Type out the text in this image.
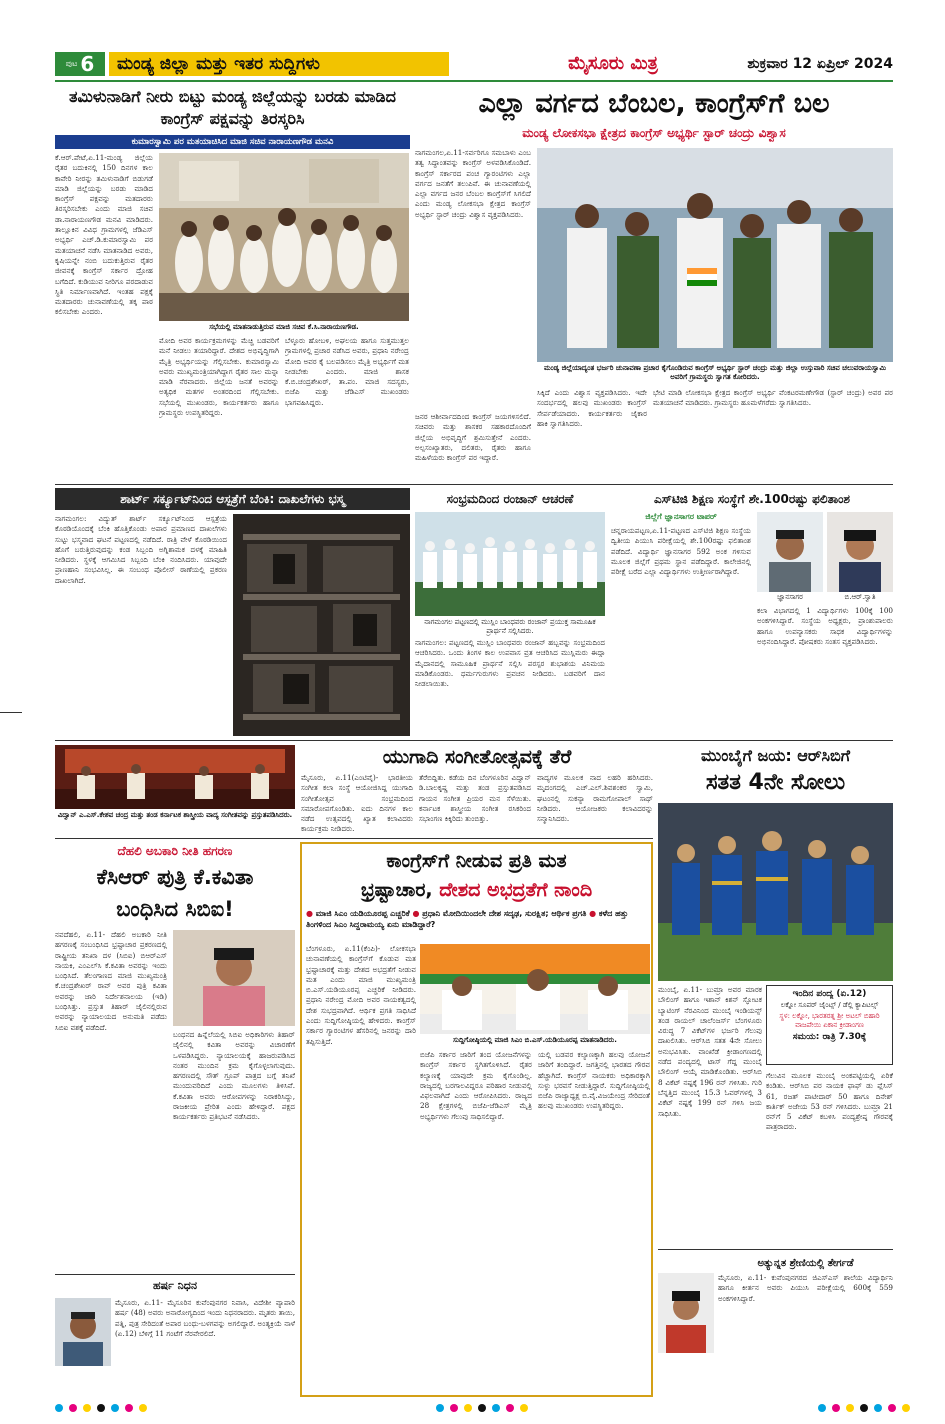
ಪುಟ 6	ಮಂಡ್ಯ ಜಿಲ್ಲಾ ಮತ್ತು ಇತರ ಸುದ್ದಿಗಳು	ಮೈಸೂರು ಮಿತ್ರ	ಶುಕ್ರವಾರ 12 ಏಪ್ರಿಲ್ 2024
ತಮಿಳುನಾಡಿಗೆ ನೀರು ಬಿಟ್ಟು ಮಂಡ್ಯ ಜಿಲ್ಲೆಯನ್ನು ಬರಡು ಮಾಡಿದ ಕಾಂಗ್ರೆಸ್ ಪಕ್ಷವನ್ನು ತಿರಸ್ಕರಿಸಿ
ಕುಮಾರಸ್ವಾಮಿ ಪರ ಮತಯಾಚಿಸಿದ ಮಾಜಿ ಸಚಿವ ನಾರಾಯಣಗೌಡ ಮನವಿ
ಕೆ.ಆರ್.ಪೇಟೆ,ಏ.11-ಮಂಡ್ಯ ಜಿಲ್ಲೆಯ ರೈತರ ಬದುಕಿನಲ್ಲಿ 150 ದಿನಗಳ ಕಾಲ ಕಾವೇರಿ ನೀರನ್ನು ತಮಿಳುನಾಡಿಗೆ ಬಿಡುಗಡೆ ಮಾಡಿ ಜಿಲ್ಲೆಯನ್ನು ಬರಡು ಮಾಡಿದ ಕಾಂಗ್ರೆಸ್ ಪಕ್ಷವನ್ನು ಮತದಾರರು ತಿರಸ್ಕರಿಸಬೇಕು ಎಂದು ಮಾಜಿ ಸಚಿವ ಡಾ.ನಾರಾಯಣಗೌಡ ಮನವಿ ಮಾಡಿದರು. ತಾಲ್ಲೂಕಿನ ವಿವಿಧ ಗ್ರಾಮಗಳಲ್ಲಿ ಜೆಡಿಎಸ್ ಅಭ್ಯರ್ಥಿ ಎಚ್.ಡಿ.ಕುಮಾರಸ್ವಾಮಿ ಪರ ಮತಯಾಚನೆ ನಡೆಸಿ ಮಾತನಾಡಿದ ಅವರು, ಕೃಷಿಯನ್ನೇ ನಂಬಿ ಬದುಕುತ್ತಿರುವ ರೈತರ ಜೀವನಕ್ಕೆ ಕಾಂಗ್ರೆಸ್ ಸರ್ಕಾರ ದ್ರೋಹ ಬಗೆದಿದೆ. ಕುಡಿಯುವ ನೀರಿಗೂ ಪರದಾಡುವ ಸ್ಥಿತಿ ನಿರ್ಮಾಣವಾಗಿದೆ. ಇಂತಹ ಪಕ್ಷಕ್ಕೆ ಮತದಾರರು ಚುನಾವಣೆಯಲ್ಲಿ ತಕ್ಕ ಪಾಠ ಕಲಿಸಬೇಕು ಎಂದರು.
ಸಭೆಯಲ್ಲಿ ಮಾತನಾಡುತ್ತಿರುವ ಮಾಜಿ ಸಚಿವ ಕೆ.ಸಿ.ನಾರಾಯಣಗೌಡ.
ಮೋದಿ ಅವರ ಕಾರ್ಯಕ್ರಮಗಳನ್ನು ಮೆಚ್ಚಿ ಬಡವರಿಗೆ ಮನೆ ನೀಡಲು ತಯಾರಿದ್ದಾರೆ. ದೇಶದ ಅಭಿವೃದ್ಧಿಗಾಗಿ ಮೈತ್ರಿ ಅಭ್ಯರ್ಥಿಯನ್ನು ಗೆಲ್ಲಿಸಬೇಕು. ಕುಮಾರಸ್ವಾಮಿ ಅವರು ಮುಖ್ಯಮಂತ್ರಿಯಾಗಿದ್ದಾಗ ರೈತರ ಸಾಲ ಮನ್ನಾ ಮಾಡಿ ನೆರವಾದರು. ಜಿಲ್ಲೆಯ ಜನತೆ ಅವರನ್ನು ಅತ್ಯಧಿಕ ಮತಗಳ ಅಂತರದಿಂದ ಗೆಲ್ಲಿಸಬೇಕು. ಸಭೆಯಲ್ಲಿ ಮುಖಂಡರು, ಕಾರ್ಯಕರ್ತರು ಹಾಗೂ ಗ್ರಾಮಸ್ಥರು ಉಪಸ್ಥಿತರಿದ್ದರು.
ಬೆಳ್ಳೂರು ಹೋಬಳಿ, ಅಘಲಯ ಹಾಗೂ ಸುತ್ತಮುತ್ತಲ ಗ್ರಾಮಗಳಲ್ಲಿ ಪ್ರಚಾರ ನಡೆಸಿದ ಅವರು, ಪ್ರಧಾನಿ ನರೇಂದ್ರ ಮೋದಿ ಅವರ ಕೈ ಬಲಪಡಿಸಲು ಮೈತ್ರಿ ಅಭ್ಯರ್ಥಿಗೆ ಮತ ನೀಡಬೇಕು ಎಂದರು. ಮಾಜಿ ಶಾಸಕ ಕೆ.ಬಿ.ಚಂದ್ರಶೇಖರ್, ತಾ.ಪಂ. ಮಾಜಿ ಸದಸ್ಯರು, ಬಿಜೆಪಿ ಮತ್ತು ಜೆಡಿಎಸ್ ಮುಖಂಡರು ಭಾಗವಹಿಸಿದ್ದರು.
ಎಲ್ಲಾ ವರ್ಗದ ಬೆಂಬಲ, ಕಾಂಗ್ರೆಸ್‌ಗೆ ಬಲ
ಮಂಡ್ಯ ಲೋಕಸಭಾ ಕ್ಷೇತ್ರದ ಕಾಂಗ್ರೆಸ್ ಅಭ್ಯರ್ಥಿ ಸ್ಟಾರ್ ಚಂದ್ರು ವಿಶ್ವಾಸ
ನಾಗಮಂಗಲ,ಏ.11-ಸರ್ವರಿಗೂ ಸಮಬಾಳು ಎಂಬ ತತ್ವ ಸಿದ್ಧಾಂತವನ್ನು ಕಾಂಗ್ರೆಸ್ ಅಳವಡಿಸಿಕೊಂಡಿದೆ. ಕಾಂಗ್ರೆಸ್ ಸರ್ಕಾರದ ಪಂಚ ಗ್ಯಾರಂಟಿಗಳು ಎಲ್ಲಾ ವರ್ಗದ ಜನತೆಗೆ ತಲುಪಿವೆ. ಈ ಚುನಾವಣೆಯಲ್ಲಿ ಎಲ್ಲಾ ವರ್ಗದ ಜನರ ಬೆಂಬಲ ಕಾಂಗ್ರೆಸ್‌ಗೆ ಸಿಗಲಿದೆ ಎಂದು ಮಂಡ್ಯ ಲೋಕಸಭಾ ಕ್ಷೇತ್ರದ ಕಾಂಗ್ರೆಸ್ ಅಭ್ಯರ್ಥಿ ಸ್ಟಾರ್ ಚಂದ್ರು ವಿಶ್ವಾಸ ವ್ಯಕ್ತಪಡಿಸಿದರು.
ಮಂಡ್ಯ ಜಿಲ್ಲೆಯಾದ್ಯಂತ ಭರ್ಜರಿ ಚುನಾವಣಾ ಪ್ರಚಾರ ಕೈಗೊಂಡಿರುವ ಕಾಂಗ್ರೆಸ್ ಅಭ್ಯರ್ಥಿ ಸ್ಟಾರ್ ಚಂದ್ರು ಮತ್ತು ಜಿಲ್ಲಾ ಉಸ್ತುವಾರಿ ಸಚಿವ ಚಲುವರಾಯಸ್ವಾಮಿ ಅವರಿಗೆ ಗ್ರಾಮಸ್ಥರು ಸ್ವಾಗತ ಕೋರಿದರು.
ಜನರ ಆಶೀರ್ವಾದದಿಂದ ಕಾಂಗ್ರೆಸ್ ಜಯಗಳಿಸಲಿದೆ. ಸಚಿವರು ಮತ್ತು ಶಾಸಕರ ಸಹಕಾರದೊಂದಿಗೆ ಜಿಲ್ಲೆಯ ಅಭಿವೃದ್ಧಿಗೆ ಶ್ರಮಿಸುತ್ತೇನೆ ಎಂದರು. ಅಲ್ಪಸಂಖ್ಯಾತರು, ದಲಿತರು, ರೈತರು ಹಾಗೂ ಮಹಿಳೆಯರು ಕಾಂಗ್ರೆಸ್ ಪರ ಇದ್ದಾರೆ.
ಸಿಕ್ಕಿದೆ ಎಂದು ವಿಶ್ವಾಸ ವ್ಯಕ್ತಪಡಿಸಿದರು. ಇದೇ ಸಂದರ್ಭದಲ್ಲಿ ಹಲವು ಮುಖಂಡರು ಕಾಂಗ್ರೆಸ್ ಸೇರ್ಪಡೆಯಾದರು. ಕಾರ್ಯಕರ್ತರು ಜೈಕಾರ ಹಾಕಿ ಸ್ವಾಗತಿಸಿದರು.
ಭೇಟಿ ಮಾಡಿ ಲೋಕಸಭಾ ಕ್ಷೇತ್ರದ ಕಾಂಗ್ರೆಸ್ ಅಭ್ಯರ್ಥಿ ವೆಂಕಟರಮಣೇಗೌಡ (ಸ್ಟಾರ್ ಚಂದ್ರು) ಅವರ ಪರ ಮತಯಾಚನೆ ಮಾಡಿದರು. ಗ್ರಾಮಸ್ಥರು ಹೂಮಳೆಗರೆದು ಸ್ವಾಗತಿಸಿದರು.
ಶಾರ್ಟ್ ಸರ್ಕ್ಯೂಟ್‌ನಿಂದ ಆಸ್ಪತ್ರೆಗೆ ಬೆಂಕಿ: ದಾಖಲೆಗಳು ಭಸ್ಮ
ನಾಗಮಂಗಲ: ವಿದ್ಯುತ್ ಶಾರ್ಟ್ ಸರ್ಕ್ಯೂಟ್‌ನಿಂದ ಆಸ್ಪತ್ರೆಯ ಕೊಠಡಿಯೊಂದಕ್ಕೆ ಬೆಂಕಿ ಹೊತ್ತಿಕೊಂಡು ಅಪಾರ ಪ್ರಮಾಣದ ದಾಖಲೆಗಳು ಸುಟ್ಟು ಭಸ್ಮವಾದ ಘಟನೆ ಪಟ್ಟಣದಲ್ಲಿ ನಡೆದಿದೆ. ರಾತ್ರಿ ವೇಳೆ ಕೊಠಡಿಯಿಂದ ಹೊಗೆ ಬರುತ್ತಿರುವುದನ್ನು ಕಂಡ ಸಿಬ್ಬಂದಿ ಅಗ್ನಿಶಾಮಕ ದಳಕ್ಕೆ ಮಾಹಿತಿ ನೀಡಿದರು. ಸ್ಥಳಕ್ಕೆ ಆಗಮಿಸಿದ ಸಿಬ್ಬಂದಿ ಬೆಂಕಿ ನಂದಿಸಿದರು. ಯಾವುದೇ ಪ್ರಾಣಹಾನಿ ಸಂಭವಿಸಿಲ್ಲ. ಈ ಸಂಬಂಧ ಪೊಲೀಸ್ ಠಾಣೆಯಲ್ಲಿ ಪ್ರಕರಣ ದಾಖಲಾಗಿದೆ.
ಸಂಭ್ರಮದಿಂದ ರಂಜಾನ್ ಆಚರಣೆ
ನಾಗಮಂಗಲ ಪಟ್ಟಣದಲ್ಲಿ ಮುಸ್ಲಿಂ ಬಾಂಧವರು ರಂಜಾನ್ ಪ್ರಯುಕ್ತ ಸಾಮೂಹಿಕ ಪ್ರಾರ್ಥನೆ ಸಲ್ಲಿಸಿದರು.
ನಾಗಮಂಗಲ: ಪಟ್ಟಣದಲ್ಲಿ ಮುಸ್ಲಿಂ ಬಾಂಧವರು ರಂಜಾನ್ ಹಬ್ಬವನ್ನು ಸಂಭ್ರಮದಿಂದ ಆಚರಿಸಿದರು. ಒಂದು ತಿಂಗಳ ಕಾಲ ಉಪವಾಸ ವ್ರತ ಆಚರಿಸಿದ ಮುಸ್ಲಿಮರು ಈದ್ಗಾ ಮೈದಾನದಲ್ಲಿ ಸಾಮೂಹಿಕ ಪ್ರಾರ್ಥನೆ ಸಲ್ಲಿಸಿ ಪರಸ್ಪರ ಶುಭಾಶಯ ವಿನಿಮಯ ಮಾಡಿಕೊಂಡರು. ಧರ್ಮಗುರುಗಳು ಪ್ರವಚನ ನೀಡಿದರು. ಬಡವರಿಗೆ ದಾನ ನೀಡಲಾಯಿತು.
ಎಸ್‌ಟಿಜಿ ಶಿಕ್ಷಣ ಸಂಸ್ಥೆಗೆ ಶೇ.100ರಷ್ಟು ಫಲಿತಾಂಶ
ಜಿಲ್ಲೆಗೆ ಜ್ಞಾನಸಾಗರ ಟಾಪರ್
ಚನ್ನರಾಯಪಟ್ಟಣ,ಏ.11-ಪಟ್ಟಣದ ಎಸ್‌ಟಿಜಿ ಶಿಕ್ಷಣ ಸಂಸ್ಥೆಯ ದ್ವಿತೀಯ ಪಿಯುಸಿ ಪರೀಕ್ಷೆಯಲ್ಲಿ ಶೇ.100ರಷ್ಟು ಫಲಿತಾಂಶ ಪಡೆದಿದೆ. ವಿದ್ಯಾರ್ಥಿ ಜ್ಞಾನಸಾಗರ 592 ಅಂಕ ಗಳಿಸುವ ಮೂಲಕ ಜಿಲ್ಲೆಗೆ ಪ್ರಥಮ ಸ್ಥಾನ ಪಡೆದಿದ್ದಾರೆ. ಕಾಲೇಜಿನಲ್ಲಿ ಪರೀಕ್ಷೆ ಬರೆದ ಎಲ್ಲಾ ವಿದ್ಯಾರ್ಥಿಗಳು ಉತ್ತೀರ್ಣರಾಗಿದ್ದಾರೆ.
ಜ್ಞಾನಸಾಗರ	ಬಿ.ಆರ್.ಸ್ವಾತಿ
ಕಲಾ ವಿಭಾಗದಲ್ಲಿ 1 ವಿದ್ಯಾರ್ಥಿಗಳು 100ಕ್ಕೆ 100 ಅಂಕಗಳಿಸಿದ್ದಾರೆ. ಸಂಸ್ಥೆಯ ಅಧ್ಯಕ್ಷರು, ಪ್ರಾಂಶುಪಾಲರು ಹಾಗೂ ಉಪನ್ಯಾಸಕರು ಸಾಧಕ ವಿದ್ಯಾರ್ಥಿಗಳನ್ನು ಅಭಿನಂದಿಸಿದ್ದಾರೆ. ಪೋಷಕರು ಸಂತಸ ವ್ಯಕ್ತಪಡಿಸಿದರು.
ವಿದ್ವಾನ್ ಎ.ಎಸ್.ಕೇಶವ ಚಂದ್ರ ಮತ್ತು ತಂಡ ಕರ್ನಾಟಕ ಶಾಸ್ತ್ರೀಯ ವಾದ್ಯ ಸಂಗೀತವನ್ನು ಪ್ರಸ್ತುತಪಡಿಸಿದರು.
ಯುಗಾದಿ ಸಂಗೀತೋತ್ಸವಕ್ಕೆ ತೆರೆ
ಮೈಸೂರು, ಏ.11(ಎಂಟಿವೈ)- ಭಾರತೀಯ ಸಂಗೀತ ಕಲಾ ಸಂಸ್ಥೆ ಆಯೋಜಿಸಿದ್ದ ಯುಗಾದಿ ಸಂಗೀತೋತ್ಸವ ಸಂಭ್ರಮದಿಂದ ಸಮಾರೋಪಗೊಂಡಿತು. ಐದು ದಿನಗಳ ಕಾಲ ನಡೆದ ಉತ್ಸವದಲ್ಲಿ ಖ್ಯಾತ ಕಲಾವಿದರು ಕಾರ್ಯಕ್ರಮ ನೀಡಿದರು.
ತೆರೆಬಿದ್ದಿತು. ಕಡೆಯ ದಿನ ಬೆಂಗಳೂರಿನ ವಿದ್ವಾನ್ ಡಿ.ಬಾಲಕೃಷ್ಣ ಮತ್ತು ತಂಡ ಪ್ರಸ್ತುತಪಡಿಸಿದ ಗಾಯನ ಸಂಗೀತ ಪ್ರಿಯರ ಮನ ಸೆಳೆಯಿತು. ಕರ್ನಾಟಕ ಶಾಸ್ತ್ರೀಯ ಸಂಗೀತ ರಸಿಕರಿಂದ ಸಭಾಂಗಣ ಕಿಕ್ಕಿರಿದು ತುಂಬಿತ್ತು.
ವಾದ್ಯಗಳ ಮೂಲಕ ನಾದ ಲಹರಿ ಹರಿಸಿದರು. ಮೃದಂಗದಲ್ಲಿ ಎಚ್.ಎಲ್.ಶಿವಶಂಕರ ಸ್ವಾಮಿ, ಘಟಂನಲ್ಲಿ ಸುಕನ್ಯಾ ರಾಮಗೋಪಾಲ್ ಸಾಥ್ ನೀಡಿದರು. ಆಯೋಜಕರು ಕಲಾವಿದರನ್ನು ಸನ್ಮಾನಿಸಿದರು.
ಮುಂಬೈಗೆ ಜಯ: ಆರ್‌ಸಿಬಿಗೆ
ಸತತ 4ನೇ ಸೋಲು
ಮುಂಬೈ, ಏ.11- ಬುಮ್ರಾ ಅವರ ಮಾರಕ ಬೌಲಿಂಗ್ ಹಾಗೂ ಇಶಾನ್ ಕಿಶನ್ ಸ್ಫೋಟಕ ಬ್ಯಾಟಿಂಗ್ ನೆರವಿನಿಂದ ಮುಂಬೈ ಇಂಡಿಯನ್ಸ್ ತಂಡ ರಾಯಲ್ ಚಾಲೆಂಜರ್ಸ್ ಬೆಂಗಳೂರು ವಿರುದ್ಧ 7 ವಿಕೆಟ್‌ಗಳ ಭರ್ಜರಿ ಗೆಲುವು ದಾಖಲಿಸಿತು. ಆರ್‌ಸಿಬಿ ಸತತ 4ನೇ ಸೋಲು ಅನುಭವಿಸಿತು. ವಾಂಖೆಡೆ ಕ್ರೀಡಾಂಗಣದಲ್ಲಿ ನಡೆದ ಪಂದ್ಯದಲ್ಲಿ ಟಾಸ್ ಗೆದ್ದ ಮುಂಬೈ ಬೌಲಿಂಗ್ ಆಯ್ಕೆ ಮಾಡಿಕೊಂಡಿತು. ಆರ್‌ಸಿಬಿ 8 ವಿಕೆಟ್ ನಷ್ಟಕ್ಕೆ 196 ರನ್ ಗಳಿಸಿತು. ಗುರಿ ಬೆನ್ನತ್ತಿದ ಮುಂಬೈ 15.3 ಓವರ್‌ಗಳಲ್ಲಿ 3 ವಿಕೆಟ್ ನಷ್ಟಕ್ಕೆ 199 ರನ್ ಗಳಿಸಿ ಜಯ ಸಾಧಿಸಿತು.
ಇಂದಿನ ಪಂದ್ಯ (ಏ.12)
ಲಕ್ನೋ ಸೂಪರ್ ಜೈಂಟ್ಸ್ / ಡೆಲ್ಲಿ ಕ್ಯಾಪಿಟಲ್ಸ್
ಸ್ಥಳ: ಲಕ್ನೋ, ಭಾರತರತ್ನ ಶ್ರೀ ಅಟಲ್ ಬಿಹಾರಿ ವಾಜಪೇಯಿ ಏಕಾನ ಕ್ರೀಡಾಂಗಣ
ಸಮಯ: ರಾತ್ರಿ 7.30ಕ್ಕೆ
ಗೆಲುವಿನ ಮೂಲಕ ಮುಂಬೈ ಅಂಕಪಟ್ಟಿಯಲ್ಲಿ ಏರಿಕೆ ಕಂಡಿತು. ಆರ್‌ಸಿಬಿ ಪರ ನಾಯಕ ಫಾಫ್ ಡು ಪ್ಲೆಸಿಸ್ 61, ರಜತ್ ಪಾಟೀದಾರ್ 50 ಹಾಗೂ ದಿನೇಶ್ ಕಾರ್ತಿಕ್ ಅಜೇಯ 53 ರನ್ ಗಳಿಸಿದರು. ಬುಮ್ರಾ 21 ರನ್‌ಗೆ 5 ವಿಕೆಟ್ ಕಬಳಿಸಿ ಪಂದ್ಯಶ್ರೇಷ್ಠ ಗೌರವಕ್ಕೆ ಪಾತ್ರರಾದರು.
ಅತ್ಯುನ್ನತ ಶ್ರೇಣಿಯಲ್ಲಿ ತೇರ್ಗಡೆ
ಮೈಸೂರು, ಏ.11- ಕುವೆಂಪುನಗರದ ಜಿಎಸ್‌ಎಸ್ ಶಾಲೆಯ ವಿದ್ಯಾರ್ಥಿನಿ ಹಾಗೂ ಕೀರ್ತನ ಅವರು ಪಿಯುಸಿ ಪರೀಕ್ಷೆಯಲ್ಲಿ 600ಕ್ಕೆ 559 ಅಂಕಗಳಿಸಿದ್ದಾರೆ.
ದೆಹಲಿ ಅಬಕಾರಿ ನೀತಿ ಹಗರಣ
ಕೆಸಿಆರ್ ಪುತ್ರಿ ಕೆ.ಕವಿತಾ
ಬಂಧಿಸಿದ ಸಿಬಿಐ!
ನವದೆಹಲಿ, ಏ.11- ದೆಹಲಿ ಅಬಕಾರಿ ನೀತಿ ಹಗರಣಕ್ಕೆ ಸಂಬಂಧಿಸಿದ ಭ್ರಷ್ಟಾಚಾರ ಪ್ರಕರಣದಲ್ಲಿ ರಾಷ್ಟ್ರೀಯ ತನಿಖಾ ದಳ (ಸಿಬಿಐ) ಬಿಆರ್‌ಎಸ್ ನಾಯಕಿ, ಎಂಎಲ್‌ಸಿ ಕೆ.ಕವಿತಾ ಅವರನ್ನು ಇಂದು ಬಂಧಿಸಿದೆ. ತೆಲಂಗಾಣದ ಮಾಜಿ ಮುಖ್ಯಮಂತ್ರಿ ಕೆ.ಚಂದ್ರಶೇಖರ್ ರಾವ್ ಅವರ ಪುತ್ರಿ ಕವಿತಾ ಅವರನ್ನು ಜಾರಿ ನಿರ್ದೇಶನಾಲಯ (ಇಡಿ) ಬಂಧಿಸಿತ್ತು. ಪ್ರಸ್ತುತ ತಿಹಾರ್ ಜೈಲಿನಲ್ಲಿರುವ ಅವರನ್ನು ನ್ಯಾಯಾಲಯದ ಅನುಮತಿ ಪಡೆದು ಸಿಬಿಐ ವಶಕ್ಕೆ ಪಡೆದಿದೆ.
ಬಂಧನದ ಹಿನ್ನೆಲೆಯಲ್ಲಿ ಸಿಬಿಐ ಅಧಿಕಾರಿಗಳು ತಿಹಾರ್ ಜೈಲಿನಲ್ಲಿ ಕವಿತಾ ಅವರನ್ನು ವಿಚಾರಣೆಗೆ ಒಳಪಡಿಸಿದ್ದರು. ನ್ಯಾಯಾಲಯಕ್ಕೆ ಹಾಜರುಪಡಿಸಿದ ನಂತರ ಮುಂದಿನ ಕ್ರಮ ಕೈಗೊಳ್ಳಲಾಗುವುದು. ಹಗರಣದಲ್ಲಿ ಸೌತ್ ಗ್ರೂಪ್ ಪಾತ್ರದ ಬಗ್ಗೆ ತನಿಖೆ ಮುಂದುವರಿದಿದೆ ಎಂದು ಮೂಲಗಳು ತಿಳಿಸಿವೆ. ಕೆ.ಕವಿತಾ ಅವರು ಆರೋಪಗಳನ್ನು ನಿರಾಕರಿಸಿದ್ದು, ರಾಜಕೀಯ ಪ್ರೇರಿತ ಎಂದು ಹೇಳಿದ್ದಾರೆ. ಪಕ್ಷದ ಕಾರ್ಯಕರ್ತರು ಪ್ರತಿಭಟನೆ ನಡೆಸಿದರು.
ಹರ್ಷ ನಿಧನ
ಮೈಸೂರು, ಏ.11- ಮೈಸೂರಿನ ಕುವೆಂಪುನಗರ ನಿವಾಸಿ, ವಿದೇಶೀ ವ್ಯಾಪಾರಿ ಹರ್ಷ (48) ಅವರು ಅನಾರೋಗ್ಯದಿಂದ ಇಂದು ನಿಧನರಾದರು. ಮೃತರು ತಾಯಿ, ಪತ್ನಿ, ಪುತ್ರ ಸೇರಿದಂತೆ ಅಪಾರ ಬಂಧು-ಬಳಗವನ್ನು ಅಗಲಿದ್ದಾರೆ. ಅಂತ್ಯಕ್ರಿಯೆ ನಾಳೆ (ಏ.12) ಬೆಳಿಗ್ಗೆ 11 ಗಂಟೆಗೆ ನೆರವೇರಲಿದೆ.
ಕಾಂಗ್ರೆಸ್‌ಗೆ ನೀಡುವ ಪ್ರತಿ ಮತ
ಭ್ರಷ್ಟಾಚಾರ, ದೇಶದ ಅಭದ್ರತೆಗೆ ನಾಂದಿ
● ಮಾಜಿ ಸಿಎಂ ಯಡಿಯೂರಪ್ಪ ಎಚ್ಚರಿಕೆ ● ಪ್ರಧಾನಿ ಮೋದಿಯಿಂದಲೇ ದೇಶ ಸದೃಢ, ಸುರಕ್ಷಿತ; ಆರ್ಥಿಕ ಪ್ರಗತಿ ● ಕಳೆದ ಹತ್ತು ತಿಂಗಳಿಂದ ಸಿಎಂ ಸಿದ್ದರಾಮಯ್ಯ ಏನು ಮಾಡಿದ್ದಾರೆ?
ಬೆಂಗಳೂರು, ಏ.11(ಕೆಂಪಿ)- ಲೋಕಸಭಾ ಚುನಾವಣೆಯಲ್ಲಿ ಕಾಂಗ್ರೆಸ್‌ಗೆ ಕೊಡುವ ಮತ ಭ್ರಷ್ಟಾಚಾರಕ್ಕೆ ಮತ್ತು ದೇಶದ ಅಭದ್ರತೆಗೆ ನೀಡುವ ಮತ ಎಂದು ಮಾಜಿ ಮುಖ್ಯಮಂತ್ರಿ ಬಿ.ಎಸ್.ಯಡಿಯೂರಪ್ಪ ಎಚ್ಚರಿಕೆ ನೀಡಿದರು. ಪ್ರಧಾನಿ ನರೇಂದ್ರ ಮೋದಿ ಅವರ ನಾಯಕತ್ವದಲ್ಲಿ ದೇಶ ಸುಭದ್ರವಾಗಿದೆ. ಆರ್ಥಿಕ ಪ್ರಗತಿ ಸಾಧಿಸಿದೆ ಎಂದು ಸುದ್ದಿಗೋಷ್ಠಿಯಲ್ಲಿ ಹೇಳಿದರು. ಕಾಂಗ್ರೆಸ್ ಸರ್ಕಾರ ಗ್ಯಾರಂಟಿಗಳ ಹೆಸರಿನಲ್ಲಿ ಜನರನ್ನು ದಾರಿ ತಪ್ಪಿಸುತ್ತಿದೆ.	ಸುದ್ದಿಗೋಷ್ಠಿಯಲ್ಲಿ ಮಾಜಿ ಸಿಎಂ ಬಿ.ಎಸ್.ಯಡಿಯೂರಪ್ಪ ಮಾತನಾಡಿದರು.
ಬಿಜೆಪಿ ಸರ್ಕಾರ ಜಾರಿಗೆ ತಂದ ಯೋಜನೆಗಳನ್ನು ಕಾಂಗ್ರೆಸ್ ಸರ್ಕಾರ ಸ್ಥಗಿತಗೊಳಿಸಿದೆ. ರೈತರ ಕಲ್ಯಾಣಕ್ಕೆ ಯಾವುದೇ ಕ್ರಮ ಕೈಗೊಂಡಿಲ್ಲ. ರಾಜ್ಯದಲ್ಲಿ ಬರಗಾಲವಿದ್ದರೂ ಪರಿಹಾರ ನೀಡುವಲ್ಲಿ ವಿಫಲವಾಗಿದೆ ಎಂದು ಆರೋಪಿಸಿದರು. ರಾಜ್ಯದ 28 ಕ್ಷೇತ್ರಗಳಲ್ಲಿ ಬಿಜೆಪಿ-ಜೆಡಿಎಸ್ ಮೈತ್ರಿ ಅಭ್ಯರ್ಥಿಗಳು ಗೆಲುವು ಸಾಧಿಸಲಿದ್ದಾರೆ.
ಯಲ್ಲಿ ಬಡವರ ಕಲ್ಯಾಣಕ್ಕಾಗಿ ಹಲವು ಯೋಜನೆ ಜಾರಿಗೆ ತಂದಿದ್ದಾರೆ. ಜಗತ್ತಿನಲ್ಲಿ ಭಾರತದ ಗೌರವ ಹೆಚ್ಚಾಗಿದೆ. ಕಾಂಗ್ರೆಸ್ ನಾಯಕರು ಅಧಿಕಾರಕ್ಕಾಗಿ ಸುಳ್ಳು ಭರವಸೆ ನೀಡುತ್ತಿದ್ದಾರೆ. ಸುದ್ದಿಗೋಷ್ಠಿಯಲ್ಲಿ ಬಿಜೆಪಿ ರಾಜ್ಯಾಧ್ಯಕ್ಷ ಬಿ.ವೈ.ವಿಜಯೇಂದ್ರ ಸೇರಿದಂತೆ ಹಲವು ಮುಖಂಡರು ಉಪಸ್ಥಿತರಿದ್ದರು.
